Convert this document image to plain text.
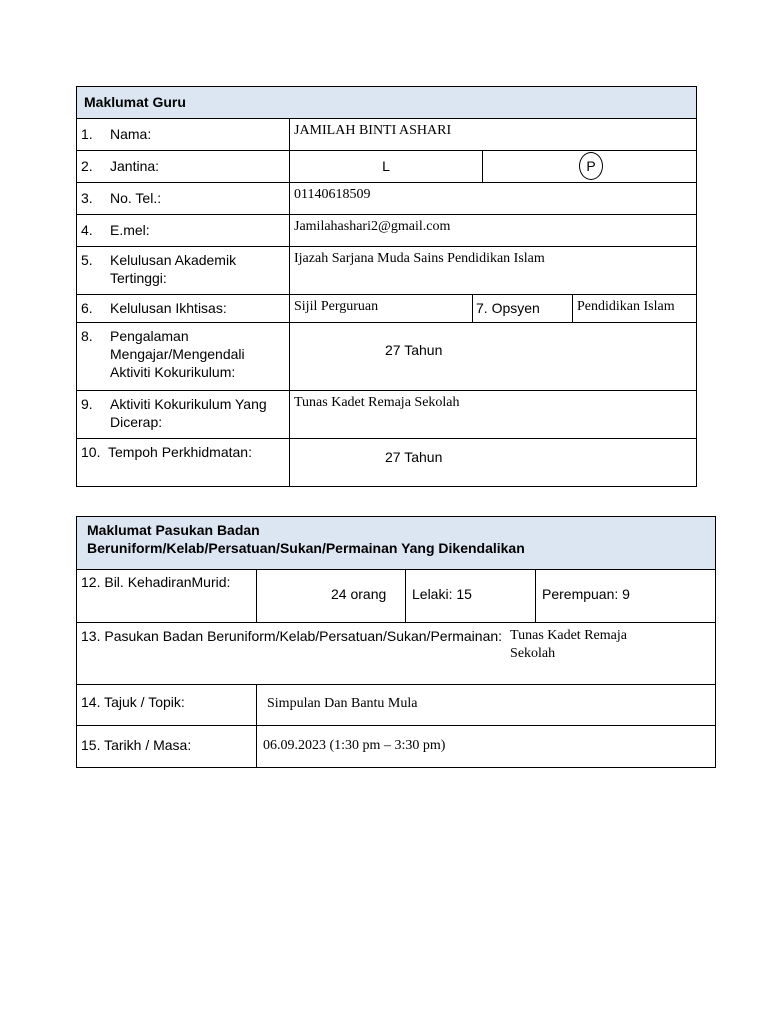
Maklumat Guru				

1. Nama:	JAMILAH BINTI ASHARI			

2. Jantina:	L		P	

3. No. Tel.:	01140618509			

4. E.mel:	Jamilahashari2@gmail.com			

5. Kelulusan Akademik Tertinggi:	Ijazah Sarjana Muda Sains Pendidikan Islam			

6. Kelulusan Ikhtisas:	Sijil Perguruan	7. Opsyen		Pendidikan Islam

8. Pengalaman Mengajar/Mengendali Aktiviti Kokurikulum:	27 Tahun			

9. Aktiviti Kokurikulum Yang Dicerap:	Tunas Kadet Remaja Sekolah			

10. Tempoh Perkhidmatan:	27 Tahun			
Maklumat Pasukan Badan Beruniform/Kelab/Persatuan/Sukan/Permainan Yang Dikendalikan			
12. Bil. KehadiranMurid:	24 orang	Lelaki: 15	Perempuan: 9

13. Pasukan Badan Beruniform/Kelab/Persatuan/Sukan/Permainan: Tunas Kadet Remaja Sekolah			

14. Tajuk / Topik:	Simpulan Dan Bantu Mula		
15. Tarikh / Masa:	06.09.2023 (1:30 pm – 3:30 pm)		
